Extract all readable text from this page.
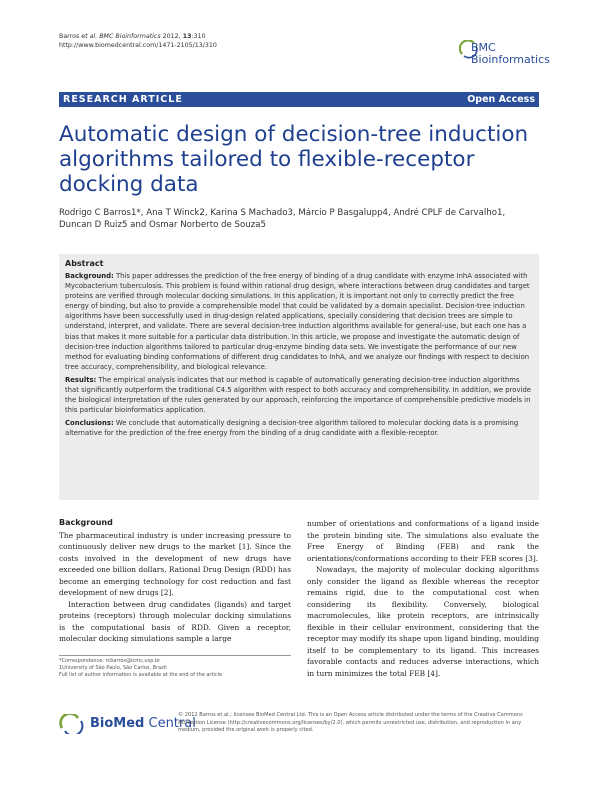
Barros et al. BMC Bioinformatics 2012, 13:310
http://www.biomedcentral.com/1471-2105/13/310	BMC
Bioinformatics
RESEARCH ARTICLE	Open Access
Automatic design of decision-tree induction algorithms tailored to flexible-receptor docking data
Rodrigo C Barros1*, Ana T Winck2, Karina S Machado3, Márcio P Basgalupp4, André CPLF de Carvalho1,
Duncan D Ruiz5 and Osmar Norberto de Souza5
Abstract

Background: This paper addresses the prediction of the free energy of binding of a drug candidate with enzyme InhA associated with Mycobacterium tuberculosis. This problem is found within rational drug design, where interactions between drug candidates and target proteins are verified through molecular docking simulations. In this application, it is important not only to correctly predict the free energy of binding, but also to provide a comprehensible model that could be validated by a domain specialist. Decision-tree induction algorithms have been successfully used in drug-design related applications, specially considering that decision trees are simple to understand, interpret, and validate. There are several decision-tree induction algorithms available for general-use, but each one has a bias that makes it more suitable for a particular data distribution. In this article, we propose and investigate the automatic design of decision-tree induction algorithms tailored to particular drug-enzyme binding data sets. We investigate the performance of our new method for evaluating binding conformations of different drug candidates to InhA, and we analyze our findings with respect to decision tree accuracy, comprehensibility, and biological relevance.

Results: The empirical analysis indicates that our method is capable of automatically generating decision-tree induction algorithms that significantly outperform the traditional C4.5 algorithm with respect to both accuracy and comprehensibility. In addition, we provide the biological interpretation of the rules generated by our approach, reinforcing the importance of comprehensible predictive models in this particular bioinformatics application.

Conclusions: We conclude that automatically designing a decision-tree algorithm tailored to molecular docking data is a promising alternative for the prediction of the free energy from the binding of a drug candidate with a flexible-receptor.

Background

The pharmaceutical industry is under increasing pressure to continuously deliver new drugs to the market [1]. Since the costs involved in the development of new drugs have exceeded one billion dollars, Rational Drug Design (RDD) has become an emerging technology for cost reduction and fast development of new drugs [2].

Interaction between drug candidates (ligands) and target proteins (receptors) through molecular docking simulations is the computational basis of RDD. Given a receptor, molecular docking simulations sample a large

number of orientations and conformations of a ligand inside the protein binding site. The simulations also evaluate the Free Energy of Binding (FEB) and rank the orientations/conformations according to their FEB scores [3].

Nowadays, the majority of molecular docking algorithms only consider the ligand as flexible whereas the receptor remains rigid, due to the computational cost when considering its flexibility. Conversely, biological macromolecules, like protein receptors, are intrinsically flexible in their cellular environment, considering that the receptor may modify its shape upon ligand binding, moulding itself to be complementary to its ligand. This increases favorable contacts and reduces adverse interactions, which in turn minimizes the total FEB [4].

*Correspondence: rcbarros@icmc.usp.br
1University of São Paulo, São Carlos, Brazil
Full list of author information is available at the end of the article
BioMed Central
© 2012 Barros et al.; licensee BioMed Central Ltd. This is an Open Access article distributed under the terms of the Creative Commons Attribution License (http://creativecommons.org/licenses/by/2.0), which permits unrestricted use, distribution, and reproduction in any medium, provided the original work is properly cited.
